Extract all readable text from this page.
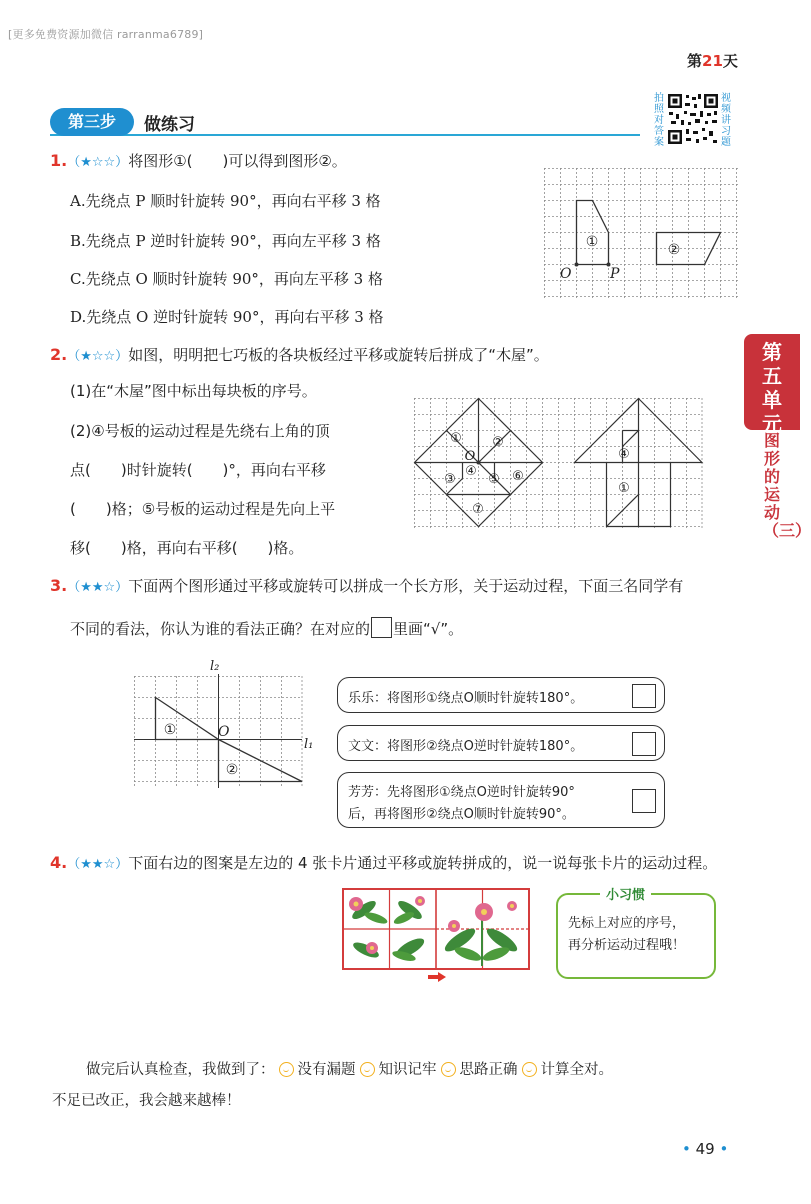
[更多免费资源加微信 rarranma6789]
第21天
第三步	做练习
拍照对答案
视频讲习题
第五单元
图形的运动（三）
1.（★☆☆）将图形①(　　)可以得到图形②。
A.先绕点 P 顺时针旋转 90°，再向右平移 3 格
B.先绕点 P 逆时针旋转 90°，再向左平移 3 格
C.先绕点 O 顺时针旋转 90°，再向左平移 3 格
D.先绕点 O 逆时针旋转 90°，再向右平移 3 格
①	②
O	P
2.（★☆☆）如图，明明把七巧板的各块板经过平移或旋转后拼成了“木屋”。
(1)在“木屋”图中标出每块板的序号。
(2)④号板的运动过程是先绕右上角的顶
点(　　)时针旋转(　　)°，再向右平移
(　　)格；⑤号板的运动过程是先向上平
移(　　)格，再向右平移(　　)格。
① ②
O
④
③ ⑤ ⑥
⑦
④
①
3.（★★☆）下面两个图形通过平移或旋转可以拼成一个长方形，关于运动过程，下面三名同学有
不同的看法，你认为谁的看法正确？在对应的 里画“√”。
①
②
O
l₂
l₁
乐乐：将图形①绕点O顺时针旋转180°。
文文：将图形②绕点O逆时针旋转180°。
芳芳：先将图形①绕点O逆时针旋转90°
后，再将图形②绕点O顺时针旋转90°。
4.（★★☆）下面右边的图案是左边的 4 张卡片通过平移或旋转拼成的，说一说每张卡片的运动过程。
小习惯
先标上对应的序号，
再分析运动过程哦！
做完后认真检查，我做到了： 没有漏题 知识记牢 思路正确 计算全对。
不足已改正，我会越来越棒！
• 49 •
